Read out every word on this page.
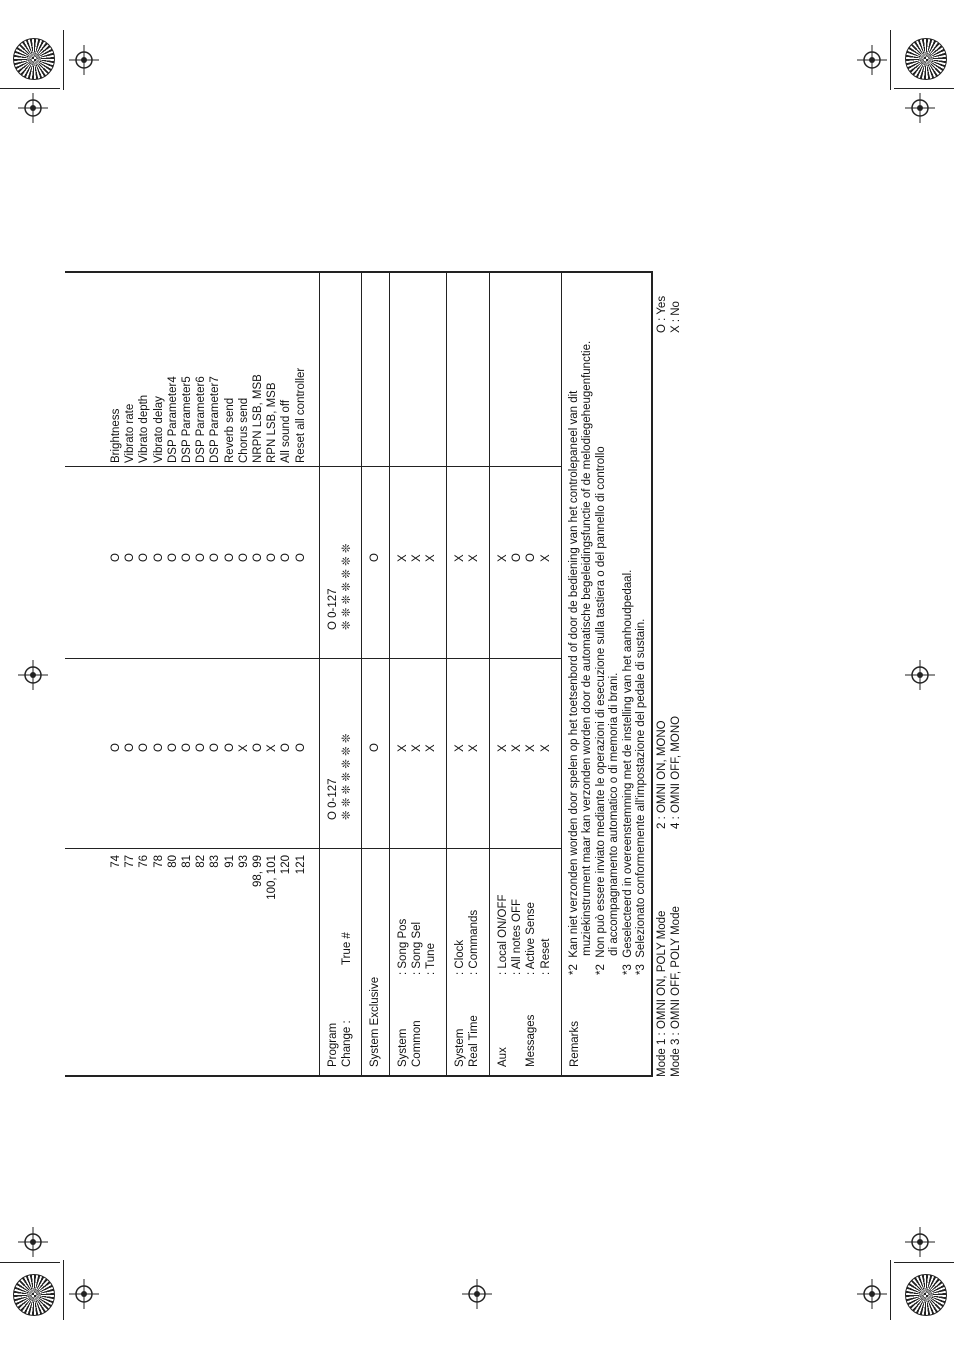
74
77
76
78
80
81
82
83
91
93
98, 99
100, 101
120
121
O
O
O
O
O
O
O
O
O
X
O
X
O
O
O
O
O
O
O
O
O
O
O
O
O
O
O
O
Brightness
Vibrato rate
Vibrato depth
Vibrato delay
DSP Parameter4
DSP Parameter5
DSP Parameter6
DSP Parameter7
Reverb send
Chorus send
NRPN LSB, MSB
RPN LSB, MSB
All sound off
Reset all controller
Program
Change :
True #
O 0-127
❊ ❊ ❊ ❊ ❊ ❊ ❊
O 0-127
❊ ❊ ❊ ❊ ❊ ❊ ❊
System Exclusive
O
O
System
Common
: Song Pos
: Song Sel
: Tune
X
X
X
X
X
X
System
Real Time
: Clock
: Commands
X
X
X
X
Aux

Messages
: Local ON/OFF
: All notes OFF
: Active Sense
: Reset
X
X
X
X
X
O
O
X
Remarks
*2  Kan niet verzonden worden door spelen op het toetsenbord of door de bediening van het controlepaneel van dit
muziekinstrument maar kan verzonden worden door de automatische begeleidingsfunctie of de melodiegeheugenfunctie.
*2  Non può essere inviato mediante le operazioni di esecuzione sulla tastiera o del pannello di controllo
di accompagnamento automatico o di memoria di brani.
*3  Geselecteerd in overeenstemming met de instelling van het aanhoudpedaal.
*3  Selezionato conformemente all'impostazione del pedale di sustain.
Mode 1 : OMNI ON, POLY Mode
Mode 3 : OMNI OFF, POLY Mode
2 : OMNI ON, MONO
4 : OMNI OFF, MONO
O : Yes
X : No
